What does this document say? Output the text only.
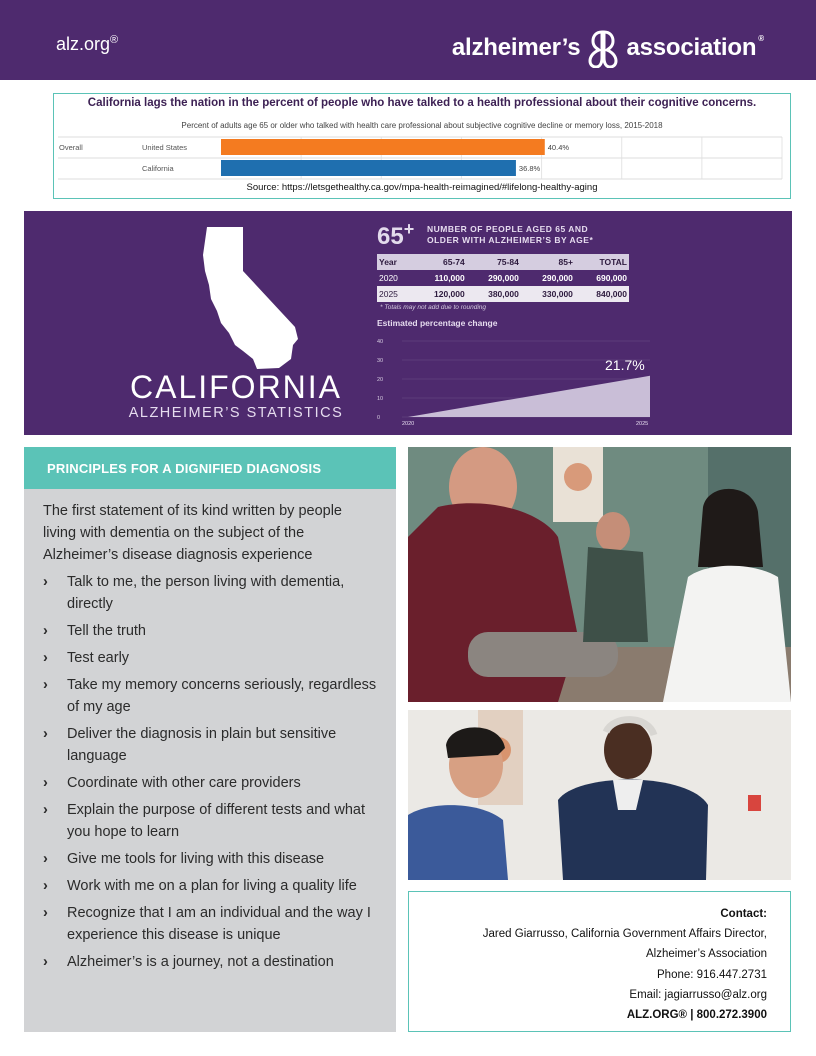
alz.org®	alzheimer’s association ®
California lags the nation in the percent of people who have talked to a health professional about their cognitive concerns.
Percent of adults age 65 or older who talked with health care professional about subjective cognitive decline or memory loss, 2015-2018
Overall	United States	40.4%
California	36.8%
Source: https://letsgethealthy.ca.gov/mpa-health-reimagined/#lifelong-healthy-aging
CALIFORNIA
ALZHEIMER’S STATISTICS
65+ NUMBER OF PEOPLE AGED 65 AND
OLDER WITH ALZHEIMER’S BY AGE*
Year	65-74	75-84	85+	TOTAL
2020	110,000	290,000	290,000	690,000
2025	120,000	380,000	330,000	840,000
* Totals may not add due to rounding
Estimated percentage change
0
10
20
30
40
2020	2025
21.7%
PRINCIPLES FOR A DIGNIFIED DIAGNOSIS
The first statement of its kind written by people living with dementia on the subject of the Alzheimer’s disease diagnosis experience
› Talk to me, the person living with dementia, directly
› Tell the truth
› Test early
› Take my memory concerns seriously, regardless of my age
› Deliver the diagnosis in plain but sensitive language
› Coordinate with other care providers
› Explain the purpose of different tests and what you hope to learn
› Give me tools for living with this disease
› Work with me on a plan for living a quality life
› Recognize that I am an individual and the way I experience this disease is unique
› Alzheimer’s is a journey, not a destination
Contact:
Jared Giarrusso, California Government Affairs Director,
Alzheimer’s Association
Phone: 916.447.2731
Email: jagiarrusso@alz.org
ALZ.ORG® | 800.272.3900
